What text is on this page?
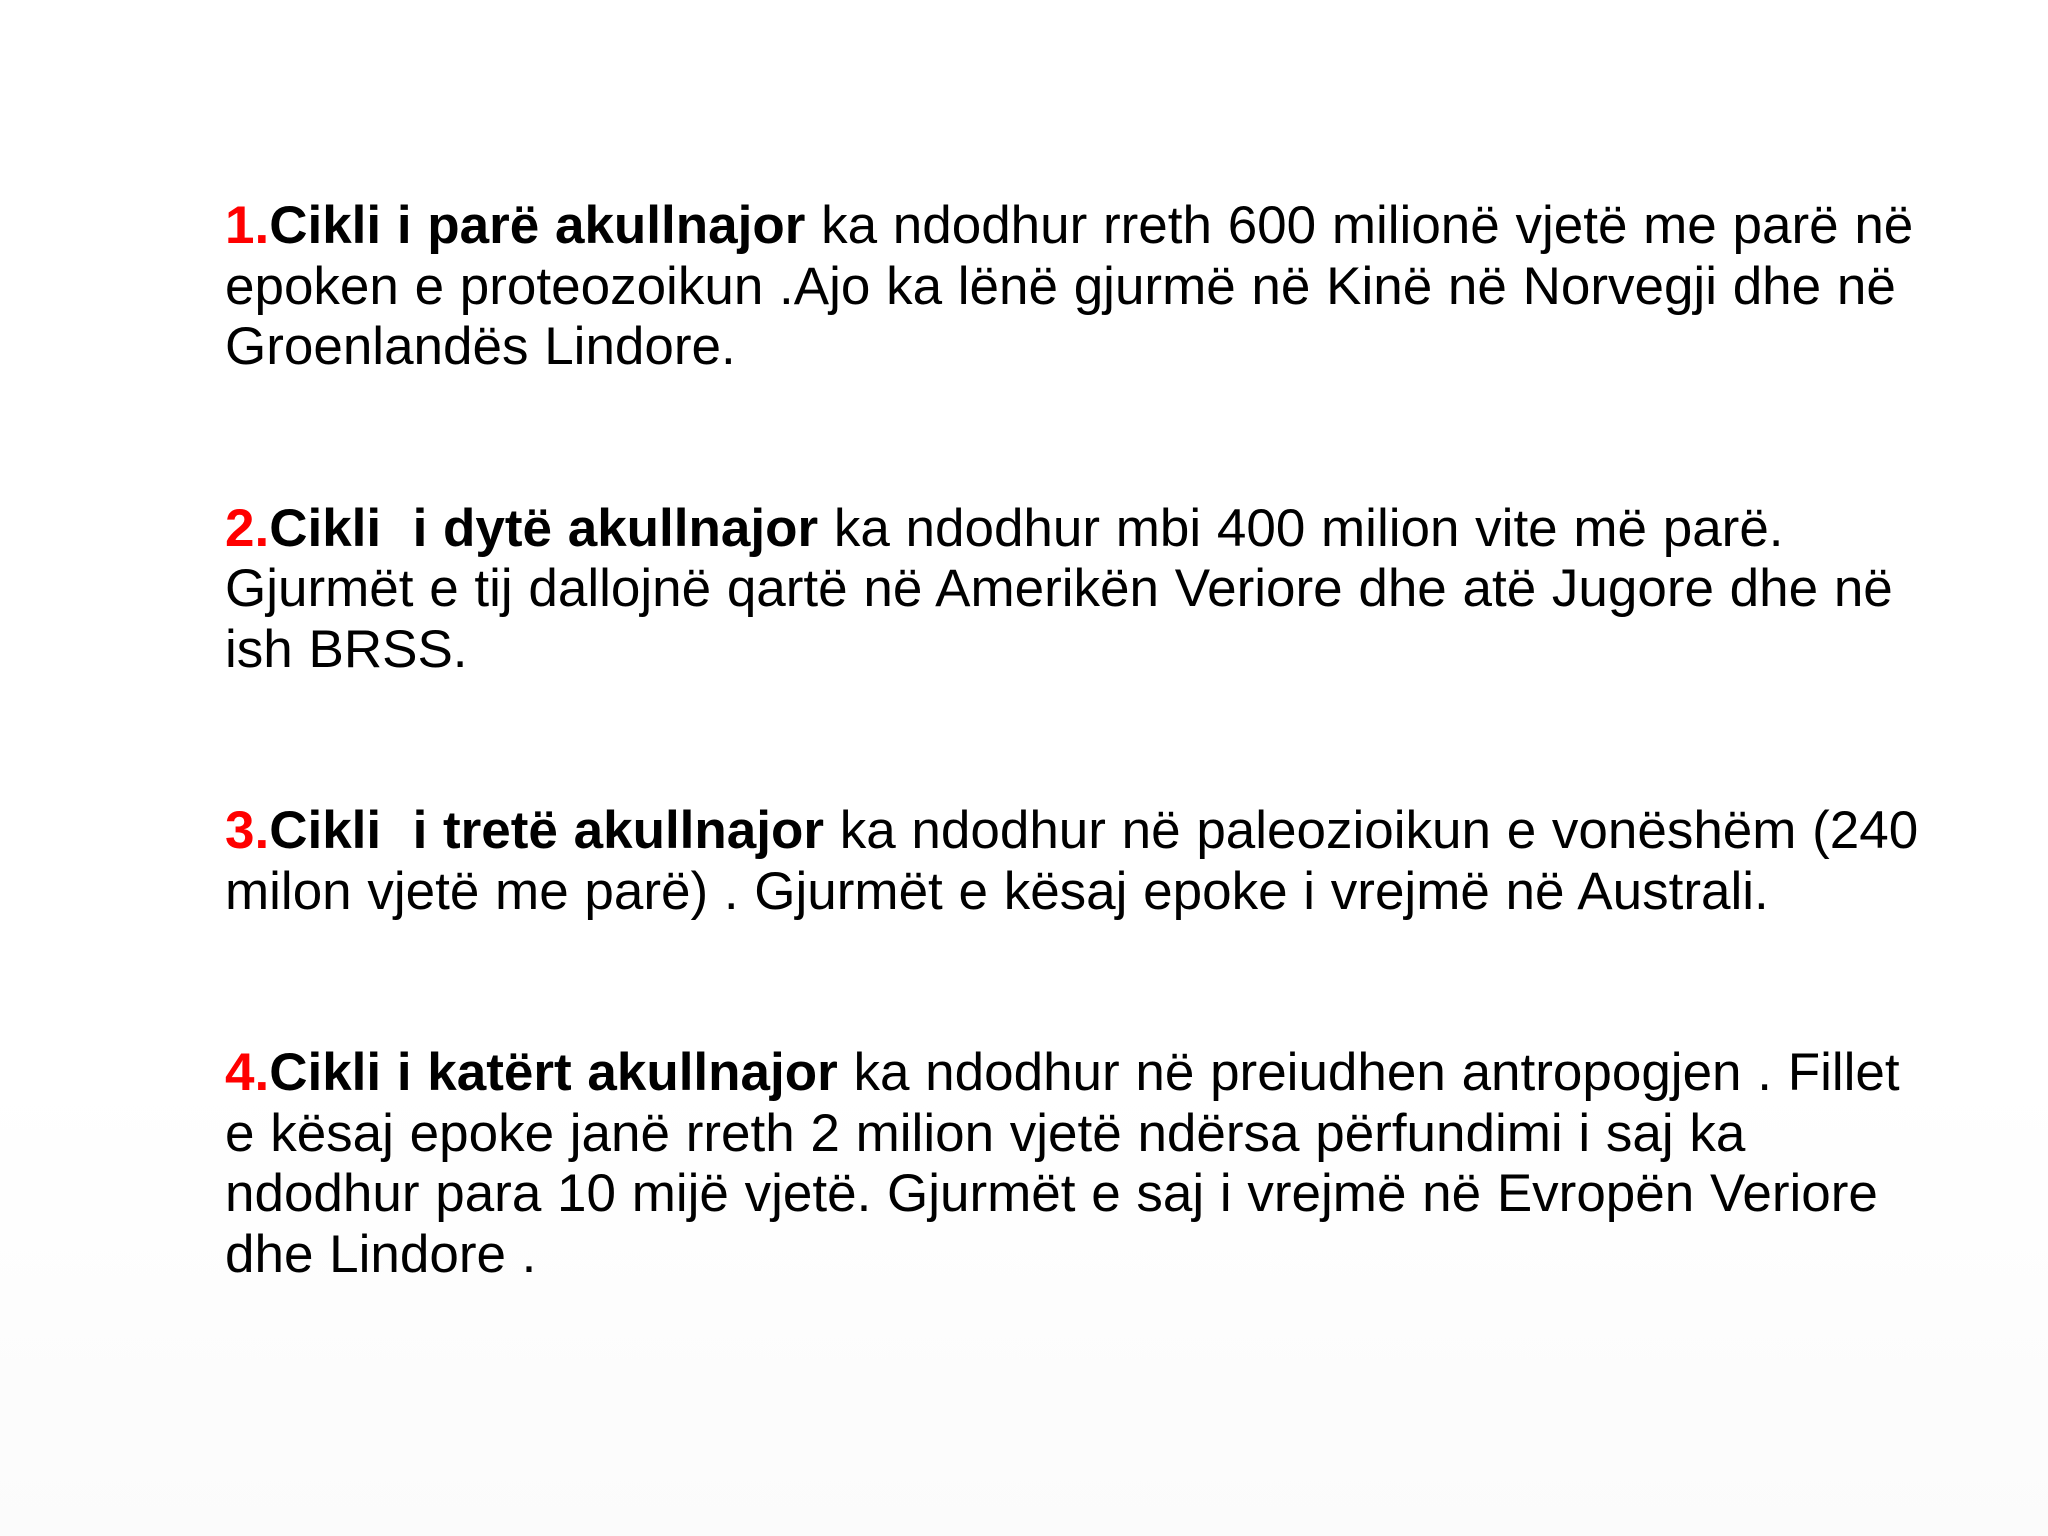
1.Cikli i parë akullnajor ka ndodhur rreth 600 milionë vjetë me parë në epoken e proteozoikun .Ajo ka lënë gjurmë në Kinë në Norvegji dhe në Groenlandës Lindore.

2.Cikli  i dytë akullnajor ka ndodhur mbi 400 milion vite më parë. Gjurmët e tij dallojnë qartë në Amerikën Veriore dhe atë Jugore dhe në ish BRSS.

3.Cikli  i tretë akullnajor ka ndodhur në paleozioikun e vonëshëm (240 milon vjetë me parë) . Gjurmët e kësaj epoke i vrejmë në Australi.

4.Cikli i katërt akullnajor ka ndodhur në preiudhen antropogjen . Fillet e kësaj epoke janë rreth 2 milion vjetë ndërsa përfundimi i saj ka ndodhur para 10 mijë vjetë. Gjurmët e saj i vrejmë në Evropën Veriore dhe Lindore .
